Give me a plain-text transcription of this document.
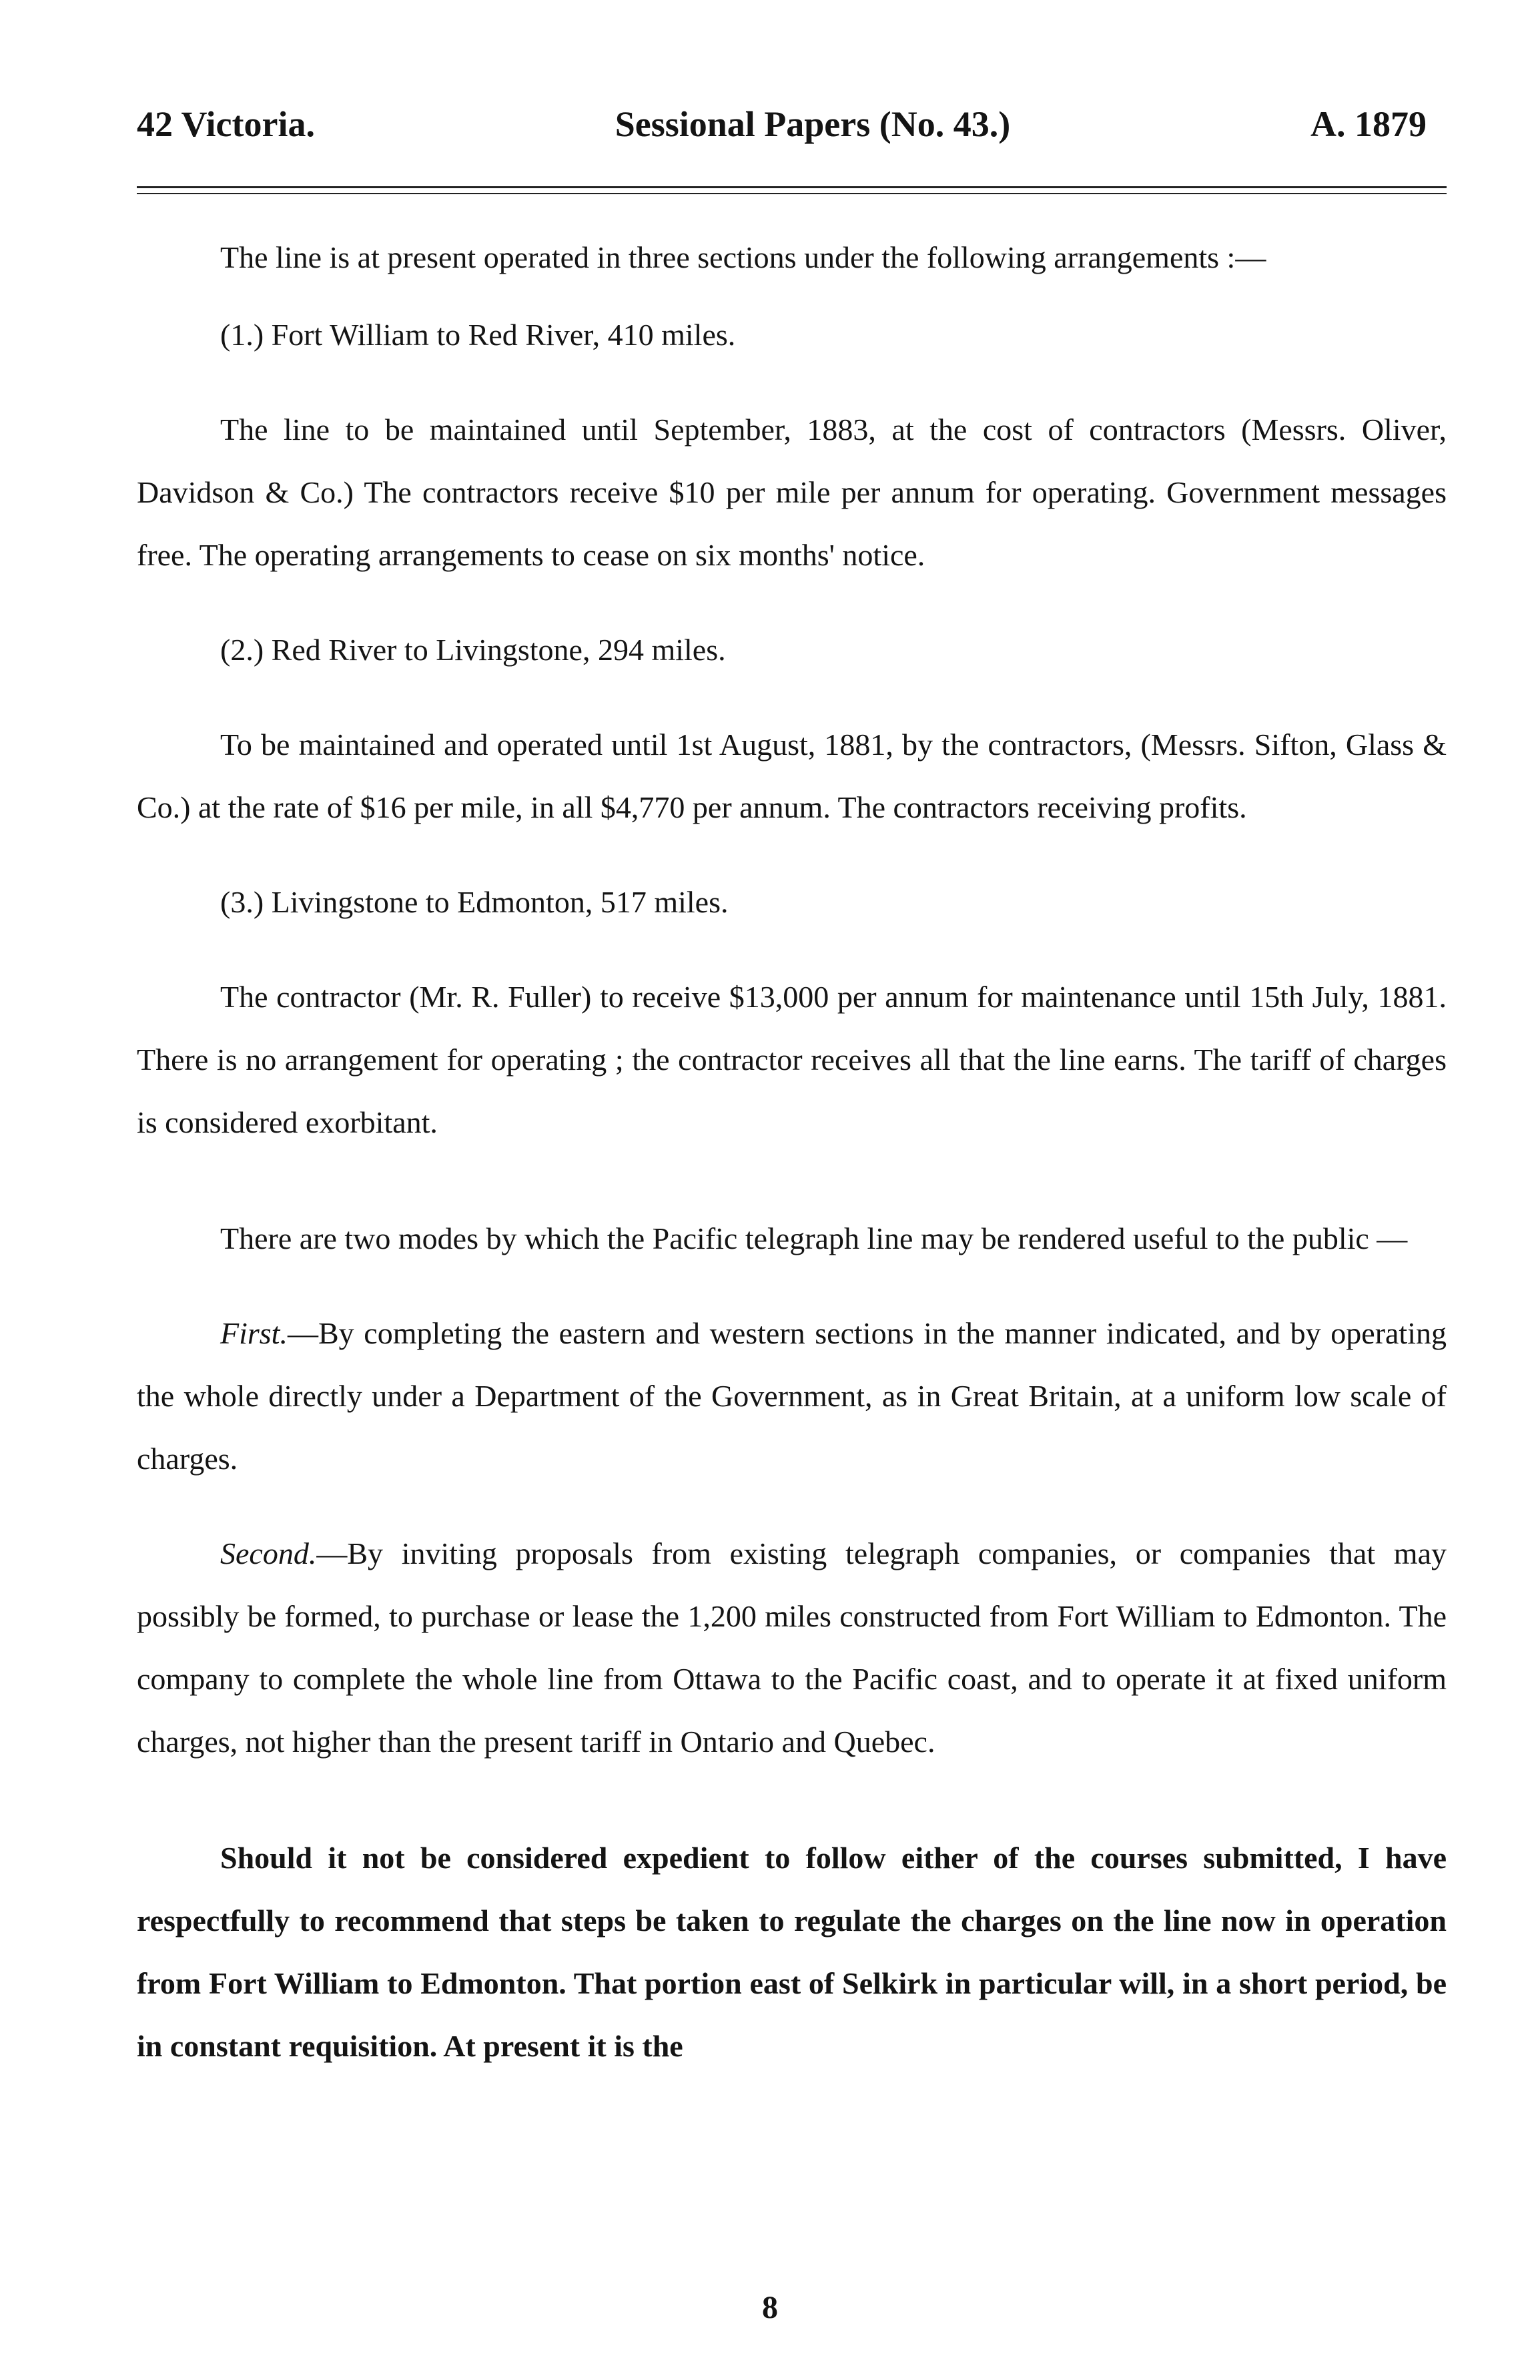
42 Victoria.	Sessional Papers (No. 43.)	A. 1879

The line is at present operated in three sections under the following arrangements :—

(1.) Fort William to Red River, 410 miles.

The line to be maintained until September, 1883, at the cost of contractors (Messrs. Oliver, Davidson & Co.) The contractors receive $10 per mile per annum for operating. Government messages free. The operating arrangements to cease on six months' notice.

(2.) Red River to Livingstone, 294 miles.

To be maintained and operated until 1st August, 1881, by the contractors, (Messrs. Sifton, Glass & Co.) at the rate of $16 per mile, in all $4,770 per annum. The contractors receiving profits.

(3.) Livingstone to Edmonton, 517 miles.

The contractor (Mr. R. Fuller) to receive $13,000 per annum for maintenance until 15th July, 1881. There is no arrangement for operating ; the contractor receives all that the line earns. The tariff of charges is considered exorbitant.

There are two modes by which the Pacific telegraph line may be rendered useful to the public —

First.—By completing the eastern and western sections in the manner indicated, and by operating the whole directly under a Department of the Government, as in Great Britain, at a uniform low scale of charges.

Second.—By inviting proposals from existing telegraph companies, or companies that may possibly be formed, to purchase or lease the 1,200 miles constructed from Fort William to Edmonton. The company to complete the whole line from Ottawa to the Pacific coast, and to operate it at fixed uniform charges, not higher than the present tariff in Ontario and Quebec.

Should it not be considered expedient to follow either of the courses submitted, I have respectfully to recommend that steps be taken to regulate the charges on the line now in operation from Fort William to Edmonton. That portion east of Selkirk in particular will, in a short period, be in constant requisition. At present it is the

8
